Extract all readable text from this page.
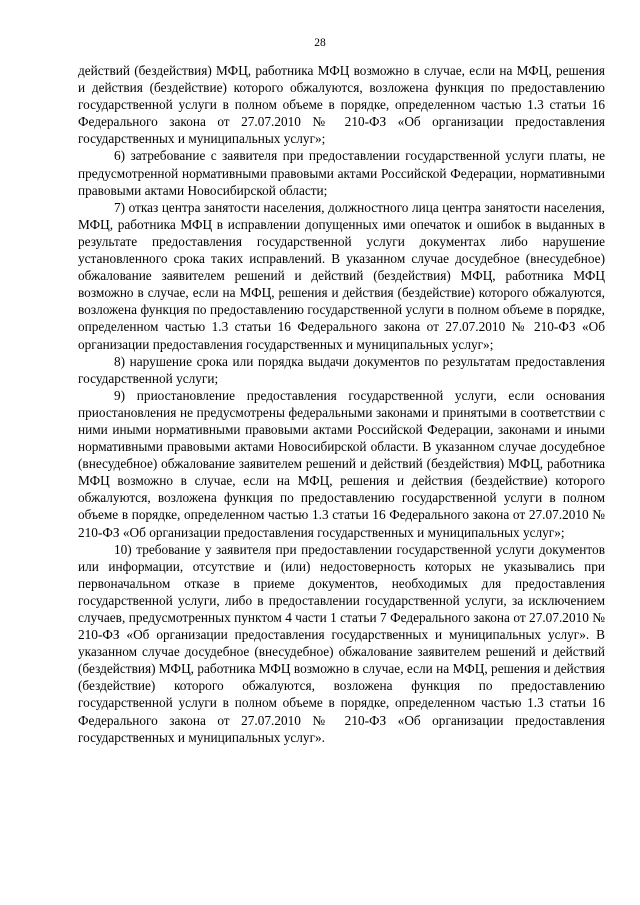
28

действий (бездействия) МФЦ, работника МФЦ возможно в случае, если на МФЦ, решения и действия (бездействие) которого обжалуются, возложена функция по предоставлению государственной услуги в полном объеме в порядке, определенном частью 1.3 статьи 16 Федерального закона от 27.07.2010 № 210-ФЗ «Об организации предоставления государственных и муниципальных услуг»;

6) затребование с заявителя при предоставлении государственной услуги платы, не предусмотренной нормативными правовыми актами Российской Федерации, нормативными правовыми актами Новосибирской области;

7) отказ центра занятости населения, должностного лица центра занятости населения, МФЦ, работника МФЦ в исправлении допущенных ими опечаток и ошибок в выданных в результате предоставления государственной услуги документах либо нарушение установленного срока таких исправлений. В указанном случае досудебное (внесудебное) обжалование заявителем решений и действий (бездействия) МФЦ, работника МФЦ возможно в случае, если на МФЦ, решения и действия (бездействие) которого обжалуются, возложена функция по предоставлению государственной услуги в полном объеме в порядке, определенном частью 1.3 статьи 16 Федерального закона от 27.07.2010 № 210-ФЗ «Об организации предоставления государственных и муниципальных услуг»;

8) нарушение срока или порядка выдачи документов по результатам предоставления государственной услуги;

9) приостановление предоставления государственной услуги, если основания приостановления не предусмотрены федеральными законами и принятыми в соответствии с ними иными нормативными правовыми актами Российской Федерации, законами и иными нормативными правовыми актами Новосибирской области. В указанном случае досудебное (внесудебное) обжалование заявителем решений и действий (бездействия) МФЦ, работника МФЦ возможно в случае, если на МФЦ, решения и действия (бездействие) которого обжалуются, возложена функция по предоставлению государственной услуги в полном объеме в порядке, определенном частью 1.3 статьи 16 Федерального закона от 27.07.2010 № 210-ФЗ «Об организации предоставления государственных и муниципальных услуг»;

10) требование у заявителя при предоставлении государственной услуги документов или информации, отсутствие и (или) недостоверность которых не указывались при первоначальном отказе в приеме документов, необходимых для предоставления государственной услуги, либо в предоставлении государственной услуги, за исключением случаев, предусмотренных пунктом 4 части 1 статьи 7 Федерального закона от 27.07.2010 № 210-ФЗ «Об организации предоставления государственных и муниципальных услуг». В указанном случае досудебное (внесудебное) обжалование заявителем решений и действий (бездействия) МФЦ, работника МФЦ возможно в случае, если на МФЦ, решения и действия (бездействие) которого обжалуются, возложена функция по предоставлению государственной услуги в полном объеме в порядке, определенном частью 1.3 статьи 16 Федерального закона от 27.07.2010 № 210-ФЗ «Об организации предоставления государственных и муниципальных услуг».
